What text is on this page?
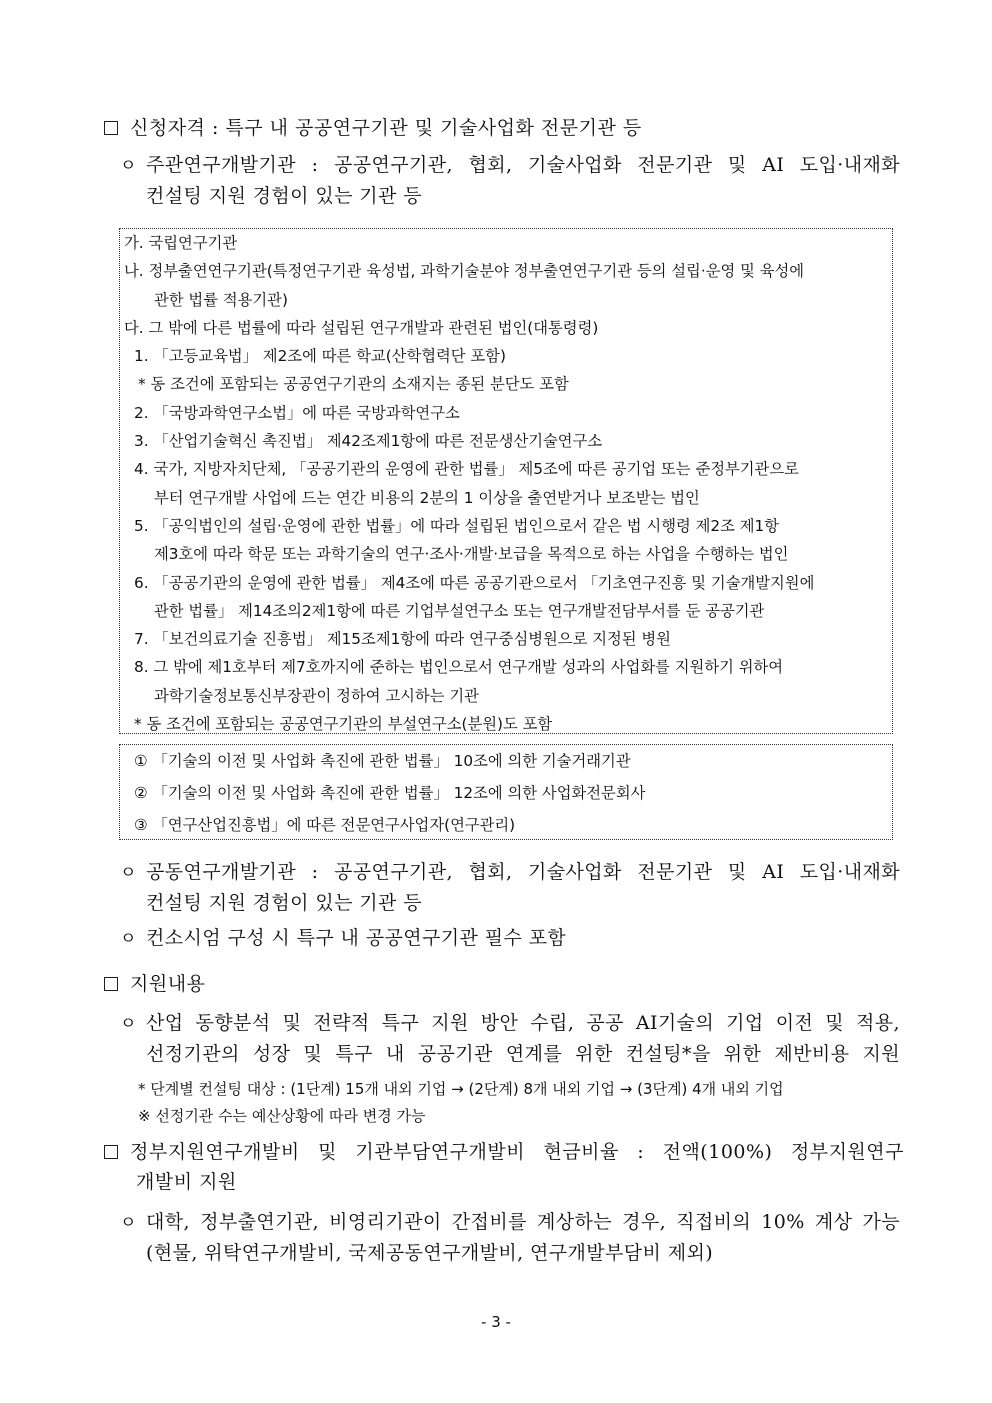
신청자격 : 특구 내 공공연구기관 및 기술사업화 전문기관 등
ㅇ 주관연구개발기관 : 공공연구기관, 협회, 기술사업화 전문기관 및 AI 도입·내재화
컨설팅 지원 경험이 있는 기관 등
가. 국립연구기관
나. 정부출연연구기관(특정연구기관 육성법, 과학기술분야 정부출연연구기관 등의 설립·운영 및 육성에
관한 법률 적용기관)
다. 그 밖에 다른 법률에 따라 설립된 연구개발과 관련된 법인(대통령령)
1. 「고등교육법」 제2조에 따른 학교(산학협력단 포함)
* 동 조건에 포함되는 공공연구기관의 소재지는 종된 분단도 포함
2. 「국방과학연구소법」에 따른 국방과학연구소
3. 「산업기술혁신 촉진법」 제42조제1항에 따른 전문생산기술연구소
4. 국가, 지방자치단체, 「공공기관의 운영에 관한 법률」 제5조에 따른 공기업 또는 준정부기관으로
부터 연구개발 사업에 드는 연간 비용의 2분의 1 이상을 출연받거나 보조받는 법인
5. 「공익법인의 설립·운영에 관한 법률」에 따라 설립된 법인으로서 같은 법 시행령 제2조 제1항
제3호에 따라 학문 또는 과학기술의 연구·조사·개발·보급을 목적으로 하는 사업을 수행하는 법인
6. 「공공기관의 운영에 관한 법률」 제4조에 따른 공공기관으로서 「기초연구진흥 및 기술개발지원에
관한 법률」 제14조의2제1항에 따른 기업부설연구소 또는 연구개발전담부서를 둔 공공기관
7. 「보건의료기술 진흥법」 제15조제1항에 따라 연구중심병원으로 지정된 병원
8. 그 밖에 제1호부터 제7호까지에 준하는 법인으로서 연구개발 성과의 사업화를 지원하기 위하여
과학기술정보통신부장관이 정하여 고시하는 기관
* 동 조건에 포함되는 공공연구기관의 부설연구소(분원)도 포함
① 「기술의 이전 및 사업화 촉진에 관한 법률」 10조에 의한 기술거래기관
② 「기술의 이전 및 사업화 촉진에 관한 법률」 12조에 의한 사업화전문회사
③ 「연구산업진흥법」에 따른 전문연구사업자(연구관리)
ㅇ 공동연구개발기관 : 공공연구기관, 협회, 기술사업화 전문기관 및 AI 도입·내재화
컨설팅 지원 경험이 있는 기관 등
ㅇ 컨소시엄 구성 시 특구 내 공공연구기관 필수 포함
지원내용
ㅇ 산업 동향분석 및 전략적 특구 지원 방안 수립, 공공 AI기술의 기업 이전 및 적용,
선정기관의 성장 및 특구 내 공공기관 연계를 위한 컨설팅*을 위한 제반비용 지원
* 단계별 컨설팅 대상 : (1단계) 15개 내외 기업 → (2단계) 8개 내외 기업 → (3단계) 4개 내외 기업
※ 선정기관 수는 예산상황에 따라 변경 가능
정부지원연구개발비 및 기관부담연구개발비 현금비율 : 전액(100%) 정부지원연구
개발비 지원
ㅇ 대학, 정부출연기관, 비영리기관이 간접비를 계상하는 경우, 직접비의 10% 계상 가능
(현물, 위탁연구개발비, 국제공동연구개발비, 연구개발부담비 제외)
- 3 -
